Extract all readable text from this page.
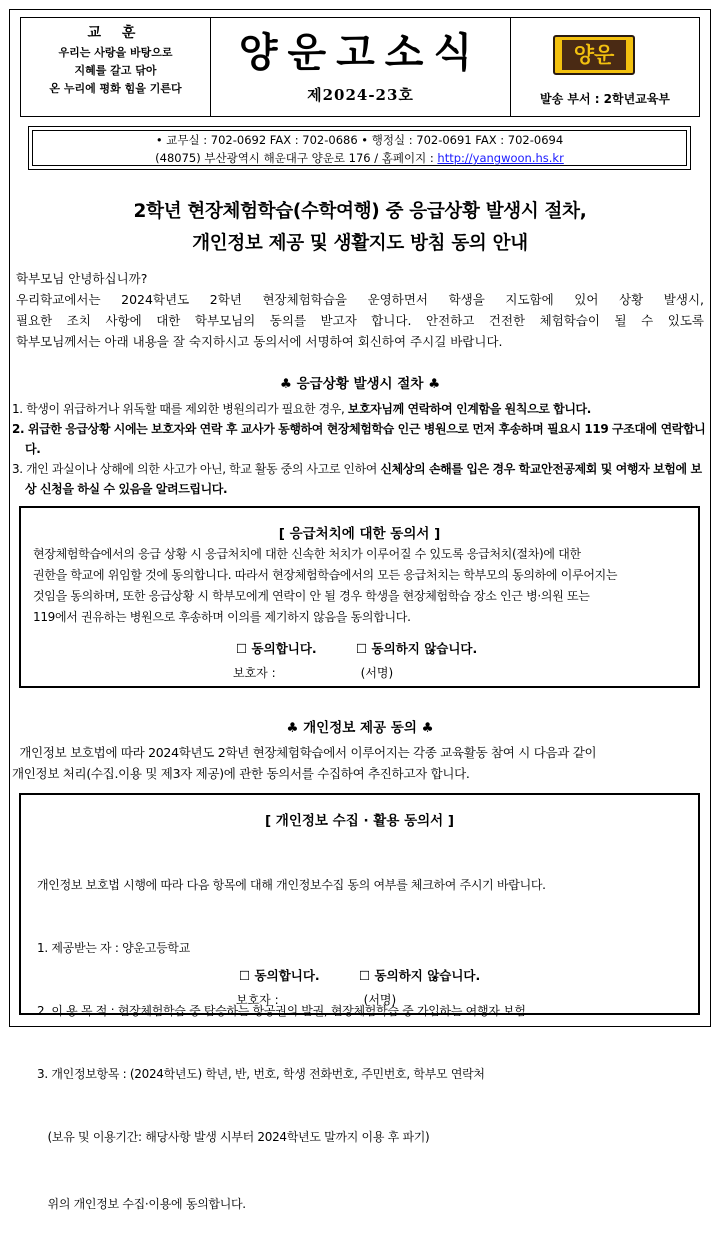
교 훈
우리는 사랑을 바탕으로
지혜를 갈고 닦아
온 누리에 평화 힘을 기른다
양운고소식
제2024-23호
양운
발송 부서 : 2학년교육부
• 교무실 : 702-0692 FAX : 702-0686 • 행정실 : 702-0691 FAX : 702-0694
(48075) 부산광역시 해운대구 양운로 176 / 홈페이지 : http://yangwoon.hs.kr
2학년 현장체험학습(수학여행) 중 응급상황 발생시 절차,
개인정보 제공 및 생활지도 방침 동의 안내
학부모님 안녕하십니까?
우리학교에서는 2024학년도 2학년 현장체험학습을 운영하면서 학생을 지도함에 있어 상황 발생시,
필요한 조치 사항에 대한 학부모님의 동의를 받고자 합니다. 안전하고 건전한 체험학습이 될 수 있도록
학부모님께서는 아래 내용을 잘 숙지하시고 동의서에 서명하여 회신하여 주시길 바랍니다.
♣ 응급상황 발생시 절차 ♣
1. 학생이 위급하거나 위독할 때를 제외한 병원의리가 필요한 경우, 보호자님께 연락하여 인계함을 원칙으로 합니다.
2. 위급한 응급상황 시에는 보호자와 연락 후 교사가 동행하여 현장체험학습 인근 병원으로 먼저 후송하며 필요시 119 구조대에 연락합니다.
3. 개인 과실이나 상해에 의한 사고가 아닌, 학교 활동 중의 사고로 인하여 신체상의 손해를 입은 경우 학교안전공제회 및 여행자 보험에 보상 신청을 하실 수 있음을 알려드립니다.
[ 응급처치에 대한 동의서 ]
현장체험학습에서의 응급 상황 시 응급처치에 대한 신속한 처치가 이루어질 수 있도록 응급처치(절차)에 대한
권한을 학교에 위임할 것에 동의합니다. 따라서 현장체험학습에서의 모든 응급처치는 학부모의 동의하에 이루어지는
것임을 동의하며, 또한 응급상황 시 학부모에게 연락이 안 될 경우 학생을 현장체험학습 장소 인근 병·의원 또는
119에서 권유하는 병원으로 후송하며 이의를 제기하지 않음을 동의합니다.
☐ 동의합니다.	☐ 동의하지 않습니다.
보호자 :	(서명)
♣ 개인정보 제공 동의 ♣
개인정보 보호법에 따라 2024학년도 2학년 현장체험학습에서 이루어지는 각종 교육활동 참여 시 다음과 같이
개인정보 처리(수집.이용 및 제3자 제공)에 관한 동의서를 수집하여 추진하고자 합니다.
[ 개인정보 수집 · 활용 동의서 ]

개인정보 보호법 시행에 따라 다음 항목에 대해 개인정보수집 동의 여부를 체크하여 주시기 바랍니다.

1. 제공받는 자 : 양운고등학교

2. 이 용 목 적 : 현장체험학습 중 탑승하는 항공권의 발권, 현장체험학습 중 가입하는 여행자 보험

3. 개인정보항목 : (2024학년도) 학년, 반, 번호, 학생 전화번호, 주민번호, 학부모 연락처

(보유 및 이용기간: 해당사항 발생 시부터 2024학년도 말까지 이용 후 파기)

위의 개인정보 수집·이용에 동의합니다.

☐ 동의합니다.	☐ 동의하지 않습니다.
보호자 :	(서명)
